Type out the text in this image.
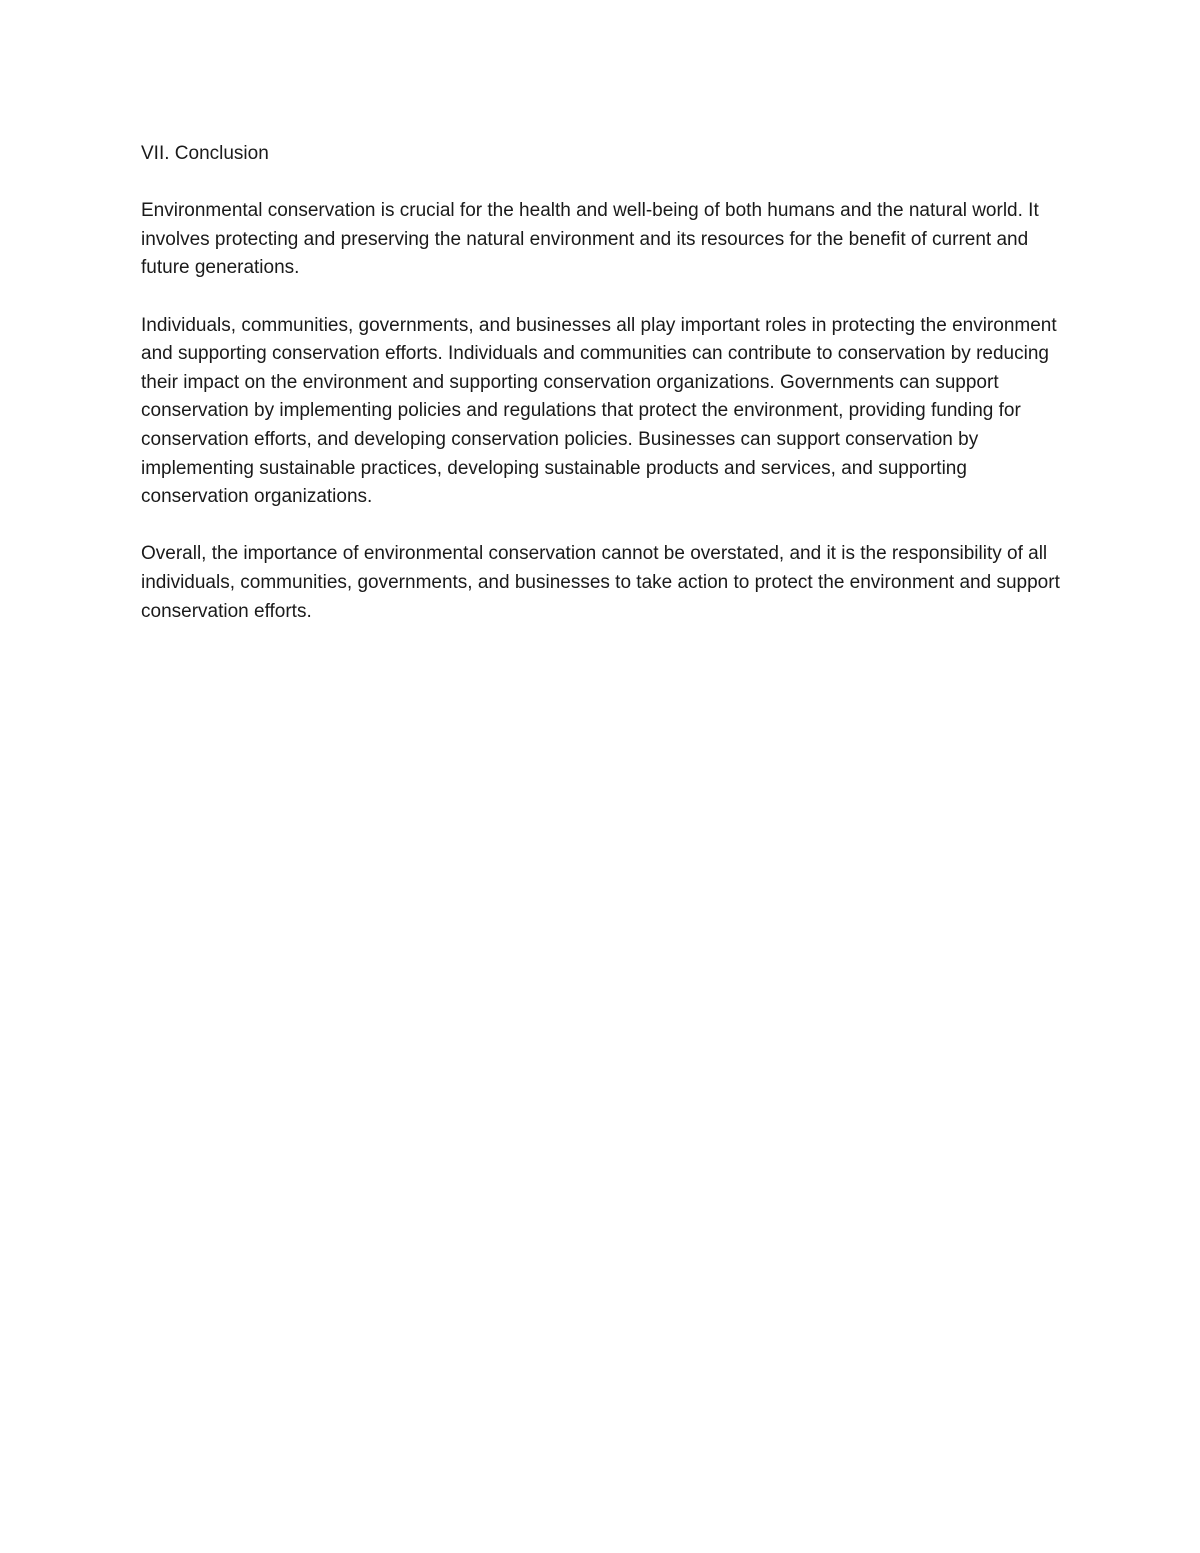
VII. Conclusion

Environmental conservation is crucial for the health and well-being of both humans and the natural world. It involves protecting and preserving the natural environment and its resources for the benefit of current and future generations.

Individuals, communities, governments, and businesses all play important roles in protecting the environment and supporting conservation efforts. Individuals and communities can contribute to conservation by reducing their impact on the environment and supporting conservation organizations. Governments can support conservation by implementing policies and regulations that protect the environment, providing funding for conservation efforts, and developing conservation policies. Businesses can support conservation by implementing sustainable practices, developing sustainable products and services, and supporting conservation organizations.

Overall, the importance of environmental conservation cannot be overstated, and it is the responsibility of all individuals, communities, governments, and businesses to take action to protect the environment and support conservation efforts.
